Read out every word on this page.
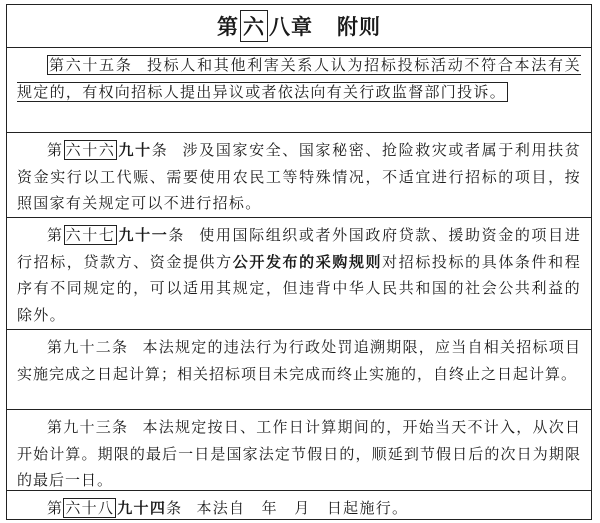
第 六 八 章 附则
第六十五条 投标人和其他利害关系人认为招标投标活动不符合本法有关规定的，有权向招标人提出异议或者依法向有关行政监督部门投诉。
第 六十六 九十条 涉及国家安全、国家秘密、抢险救灾或者属于利用扶贫资金实行以工代赈、需要使用农民工等特殊情况，不适宜进行招标的项目，按照国家有关规定可以不进行招标。
第 六十七 九十一条 使用国际组织或者外国政府贷款、援助资金的项目进行招标，贷款方、资金提供方公开发布的采购规则对招标投标的具体条件和程序有不同规定的，可以适用其规定，但违背中华人民共和国的社会公共利益的除外。
第九十二条 本法规定的违法行为行政处罚追溯期限，应当自相关招标项目实施完成之日起计算；相关招标项目未完成而终止实施的，自终止之日起计算。
第九十三条 本法规定按日、工作日计算期间的，开始当天不计入，从次日开始计算。期限的最后一日是国家法定节假日的，顺延到节假日后的次日为期限的最后一日。
第 六十八 九十四条 本法自　年　月　日起施行。
